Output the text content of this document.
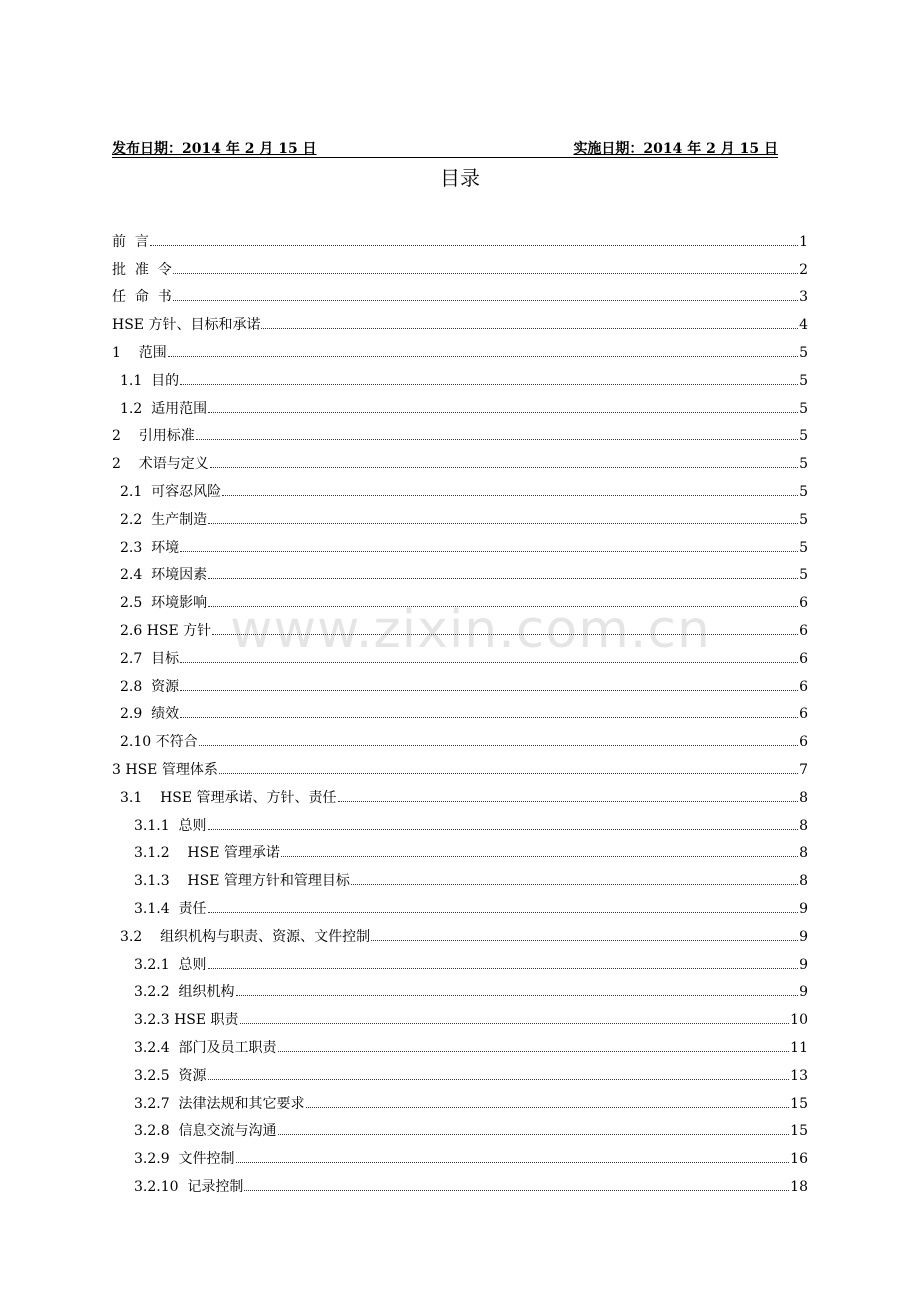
发布日期：2014 年 2 月 15 日	实施日期：2014 年 2 月 15 日
目录
www.zixin.com.cn
前  言	1
批  准  令	2
任  命  书	3
HSE 方针、目标和承诺	4
1    范围	5
1.1  目的	5
1.2  适用范围	5
2    引用标准	5
2    术语与定义	5
2.1  可容忍风险	5
2.2  生产制造	5
2.3  环境	5
2.4  环境因素	5
2.5  环境影响	6
2.6 HSE 方针	6
2.7  目标	6
2.8  资源	6
2.9  绩效	6
2.10 不符合	6
3 HSE 管理体系	7
3.1    HSE 管理承诺、方针、责任	8
3.1.1  总则	8
3.1.2    HSE 管理承诺	8
3.1.3    HSE 管理方针和管理目标	8
3.1.4  责任	9
3.2    组织机构与职责、资源、文件控制	9
3.2.1  总则	9
3.2.2  组织机构	9
3.2.3 HSE 职责	10
3.2.4  部门及员工职责	11
3.2.5  资源	13
3.2.7  法律法规和其它要求	15
3.2.8  信息交流与沟通	15
3.2.9  文件控制	16
3.2.10  记录控制	18
